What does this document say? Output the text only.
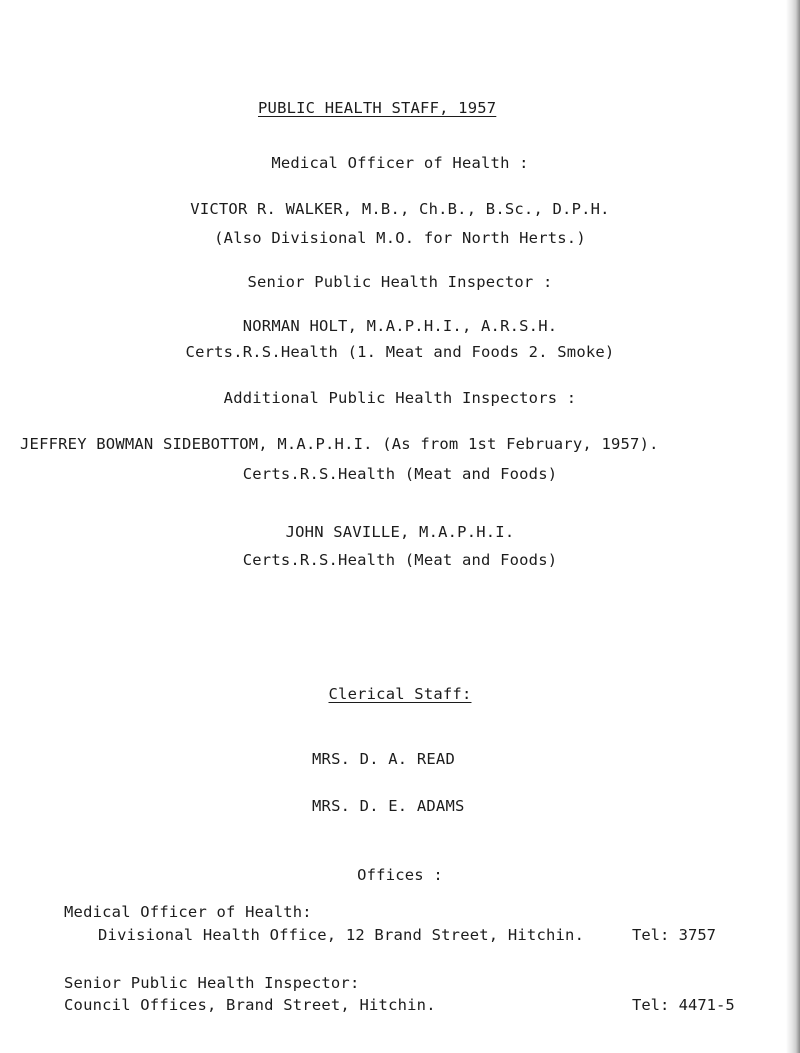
PUBLIC HEALTH STAFF, 1957
Medical Officer of Health :
VICTOR R. WALKER, M.B., Ch.B., B.Sc., D.P.H.
(Also Divisional M.O. for North Herts.)
Senior Public Health Inspector :
NORMAN HOLT, M.A.P.H.I., A.R.S.H.
Certs.R.S.Health (1. Meat and Foods 2. Smoke)
Additional Public Health Inspectors :
JEFFREY BOWMAN SIDEBOTTOM, M.A.P.H.I. (As from 1st February, 1957).
Certs.R.S.Health (Meat and Foods)
JOHN SAVILLE, M.A.P.H.I.
Certs.R.S.Health (Meat and Foods)
Clerical Staff:
MRS. D. A. READ
MRS. D. E. ADAMS
Offices :
Medical Officer of Health:
Divisional Health Office, 12 Brand Street, Hitchin.	Tel: 3757
Senior Public Health Inspector:
Council Offices, Brand Street, Hitchin.	Tel: 4471-5
